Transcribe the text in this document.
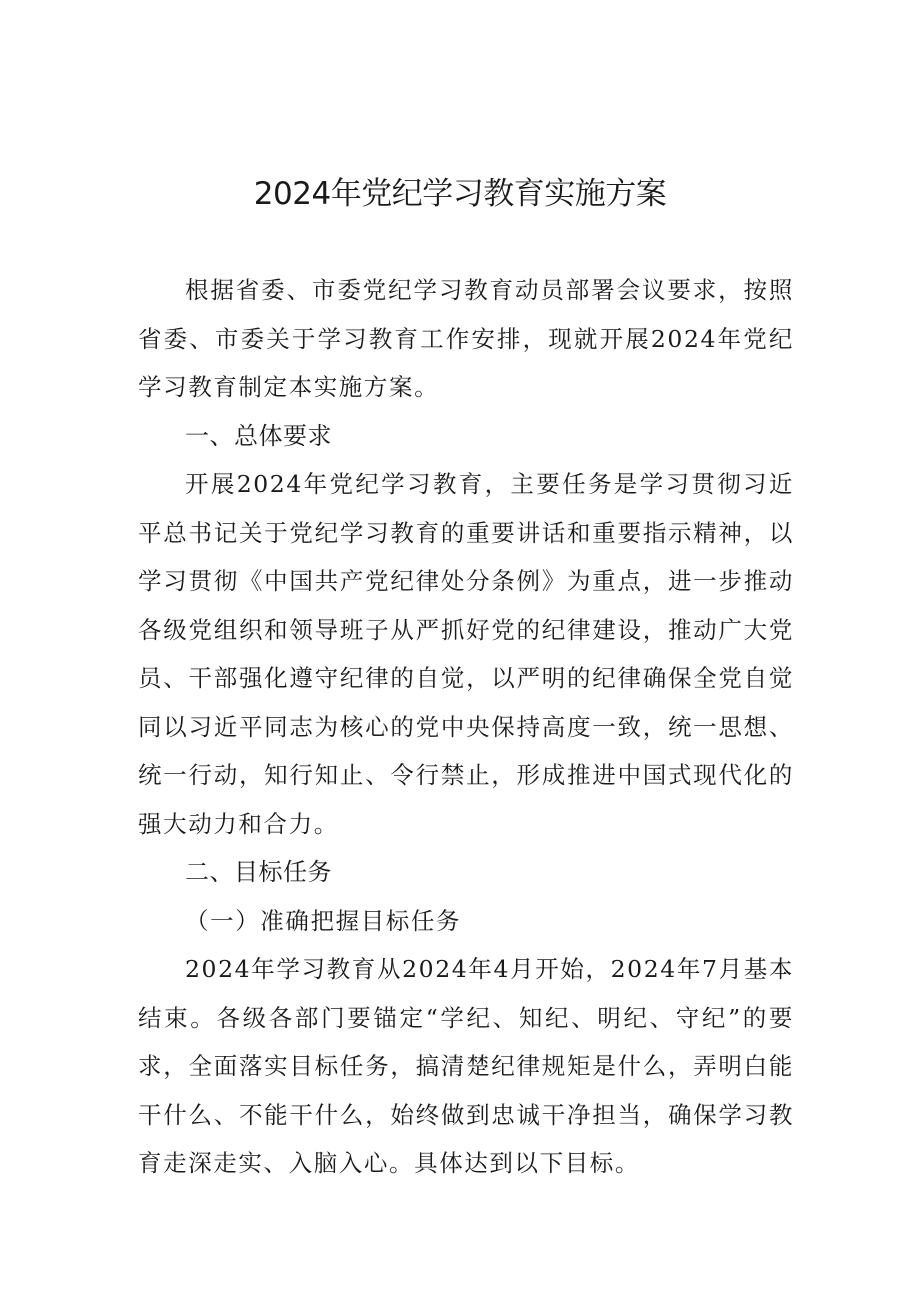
2024年党纪学习教育实施方案

根据省委、市委党纪学习教育动员部署会议要求，按照省委、市委关于学习教育工作安排，现就开展2024年党纪学习教育制定本实施方案。

一、总体要求

开展2024年党纪学习教育，主要任务是学习贯彻习近平总书记关于党纪学习教育的重要讲话和重要指示精神，以学习贯彻《中国共产党纪律处分条例》为重点，进一步推动各级党组织和领导班子从严抓好党的纪律建设，推动广大党员、干部强化遵守纪律的自觉，以严明的纪律确保全党自觉同以习近平同志为核心的党中央保持高度一致，统一思想、统一行动，知行知止、令行禁止，形成推进中国式现代化的强大动力和合力。

二、目标任务

（一）准确把握目标任务

2024年学习教育从2024年4月开始，2024年7月基本结束。各级各部门要锚定“学纪、知纪、明纪、守纪”的要求，全面落实目标任务，搞清楚纪律规矩是什么，弄明白能干什么、不能干什么，始终做到忠诚干净担当，确保学习教育走深走实、入脑入心。具体达到以下目标。
